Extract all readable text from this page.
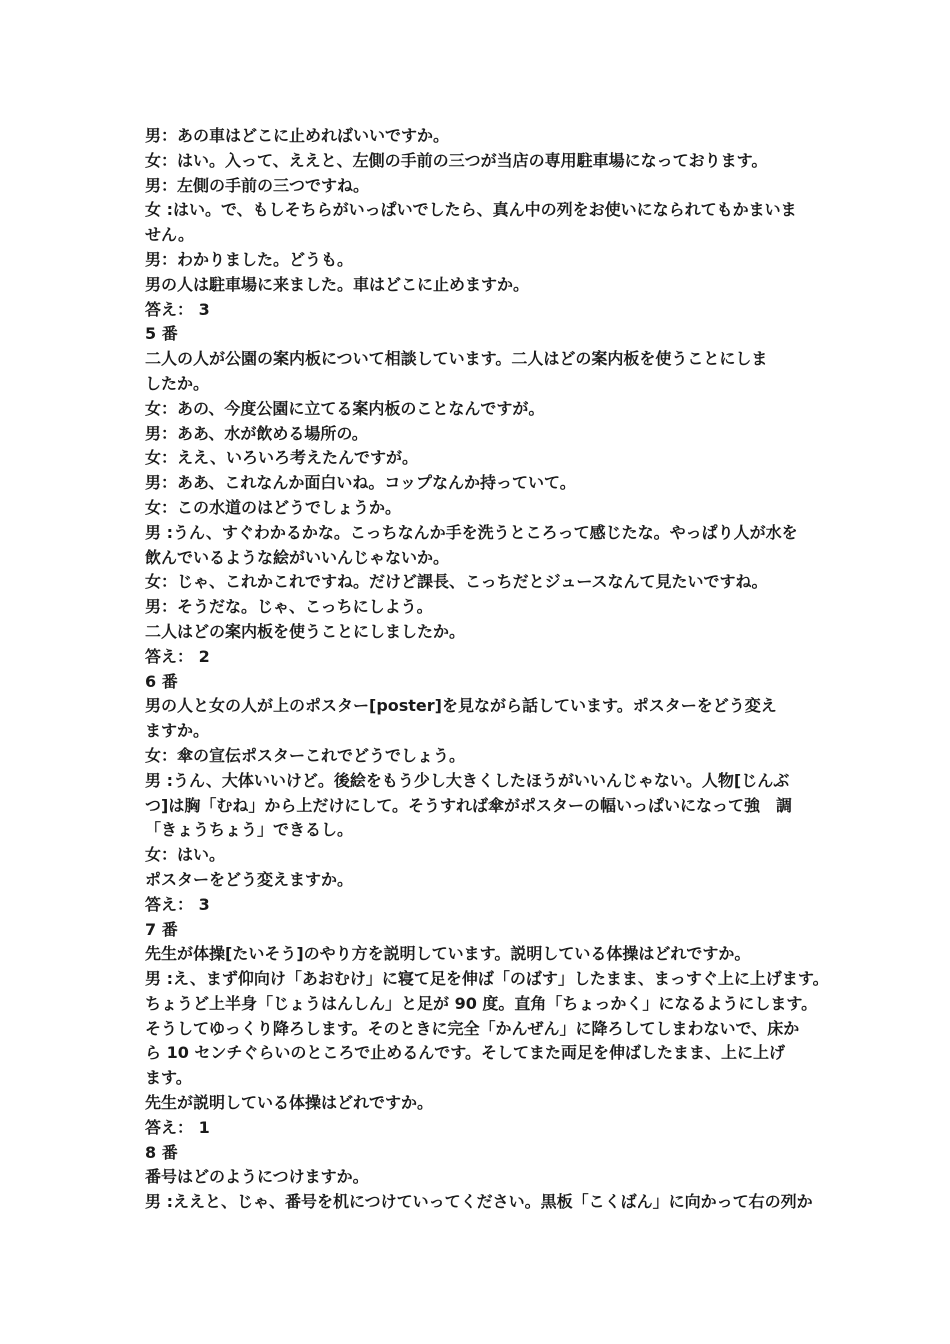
男：あの車はどこに止めればいいですか。
女：はい。入って、ええと、左側の手前の三つが当店の専用駐車場になっております。
男：左側の手前の三つですね。
女 :はい。で、もしそちらがいっぱいでしたら、真ん中の列をお使いになられてもかまいま
せん。
男：わかりました。どうも。
男の人は駐車場に来ました。車はどこに止めますか。
答え： 3
5 番
二人の人が公園の案内板について相談しています。二人はどの案内板を使うことにしま
したか。
女：あの、今度公園に立てる案内板のことなんですが。
男：ああ、水が飲める場所の。
女：ええ、いろいろ考えたんですが。
男：ああ、これなんか面白いね。コップなんか持っていて。
女：この水道のはどうでしょうか。
男 :うん、すぐわかるかな。こっちなんか手を洗うところって感じたな。やっぱり人が水を
飲んでいるような絵がいいんじゃないか。
女：じゃ、これかこれですね。だけど課長、こっちだとジュースなんて見たいですね。
男：そうだな。じゃ、こっちにしよう。
二人はどの案内板を使うことにしましたか。
答え： 2
6 番
男の人と女の人が上のポスター[poster]を見ながら話しています。ポスターをどう変え
ますか。
女：傘の宣伝ポスターこれでどうでしょう。
男 :うん、大体いいけど。後絵をもう少し大きくしたほうがいいんじゃない。人物[じんぶ
つ]は胸「むね」から上だけにして。そうすれば傘がポスターの幅いっぱいになって強　調
「きょうちょう」できるし。
女：はい。
ポスターをどう変えますか。
答え： 3
7 番
先生が体操[たいそう]のやり方を説明しています。説明している体操はどれですか。
男 :え、まず仰向け「あおむけ」に寝て足を伸ば「のばす」したまま、まっすぐ上に上げます。
ちょうど上半身「じょうはんしん」と足が 90 度。直角「ちょっかく」になるようにします。
そうしてゆっくり降ろします。そのときに完全「かんぜん」に降ろしてしまわないで、床か
ら 10 センチぐらいのところで止めるんです。そしてまた両足を伸ばしたまま、上に上げ
ます。
先生が説明している体操はどれですか。
答え： 1
8 番
番号はどのようにつけますか。
男 :ええと、じゃ、番号を机につけていってください。黒板「こくばん」に向かって右の列か
